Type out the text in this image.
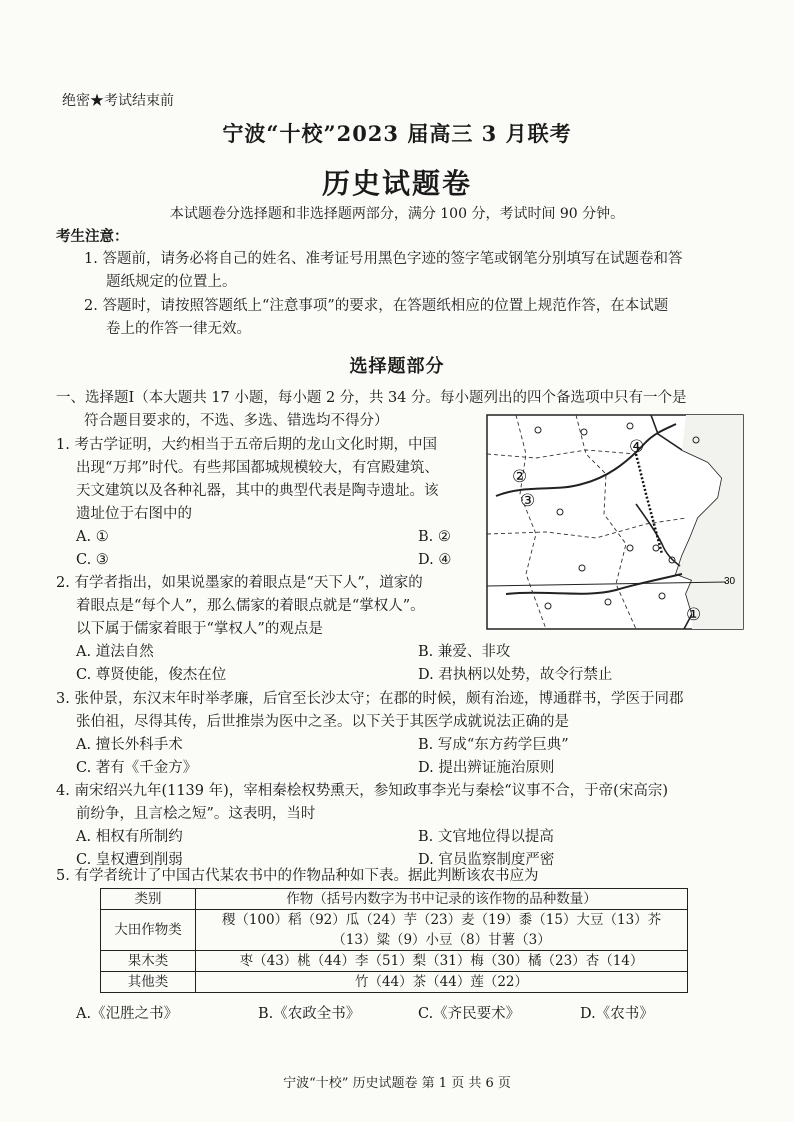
绝密★考试结束前
宁波“十校”2023 届高三 3 月联考
历史试题卷
本试题卷分选择题和非选择题两部分，满分 100 分，考试时间 90 分钟。
考生注意：
1. 答题前，请务必将自己的姓名、准考证号用黑色字迹的签字笔或钢笔分别填写在试题卷和答
题纸规定的位置上。
2. 答题时，请按照答题纸上“注意事项”的要求，在答题纸相应的位置上规范作答，在本试题
卷上的作答一律无效。
选择题部分
一、选择题Ⅰ（本大题共 17 小题，每小题 2 分，共 34 分。每小题列出的四个备选项中只有一个是
符合题目要求的，不选、多选、错选均不得分）
1. 考古学证明，大约相当于五帝后期的龙山文化时期，中国
出现“万邦”时代。有些邦国都城规模较大，有宫殿建筑、
天文建筑以及各种礼器，其中的典型代表是陶寺遗址。该
遗址位于右图中的
A. ①	B. ②
C. ③	D. ④
30
②
③
④
①
2. 有学者指出，如果说墨家的着眼点是“天下人”，道家的
着眼点是“每个人”，那么儒家的着眼点就是“掌权人”。
以下属于儒家着眼于“掌权人”的观点是
A. 道法自然	B. 兼爱、非攻
C. 尊贤使能，俊杰在位	D. 君执柄以处势，故令行禁止
3. 张仲景，东汉末年时举孝廉，后官至长沙太守；在郡的时候，颇有治迹，博通群书，学医于同郡
张伯祖，尽得其传，后世推崇为医中之圣。以下关于其医学成就说法正确的是
A. 擅长外科手术	B. 写成“东方药学巨典”
C. 著有《千金方》	D. 提出辨证施治原则
4. 南宋绍兴九年(1139 年)，宰相秦桧权势熏天，参知政事李光与秦桧“议事不合，于帝(宋高宗)
前纷争，且言桧之短”。这表明，当时
A. 相权有所制约	B. 文官地位得以提高
C. 皇权遭到削弱	D. 官员监察制度严密
5. 有学者统计了中国古代某农书中的作物品种如下表。据此判断该农书应为
类别	作物（括号内数字为书中记录的该作物的品种数量）
大田作物类	稷（100）稻（92）瓜（24）芋（23）麦（19）黍（15）大豆（13）芥
（13）粱（9）小豆（8）甘薯（3）

果木类	枣（43）桃（44）李（51）梨（31）梅（30）橘（23）杏（14）
其他类	竹（44）茶（44）莲（22）
A.《氾胜之书》	B.《农政全书》	C.《齐民要术》	D.《农书》
宁波“十校” 历史试题卷 第 1 页 共 6 页
